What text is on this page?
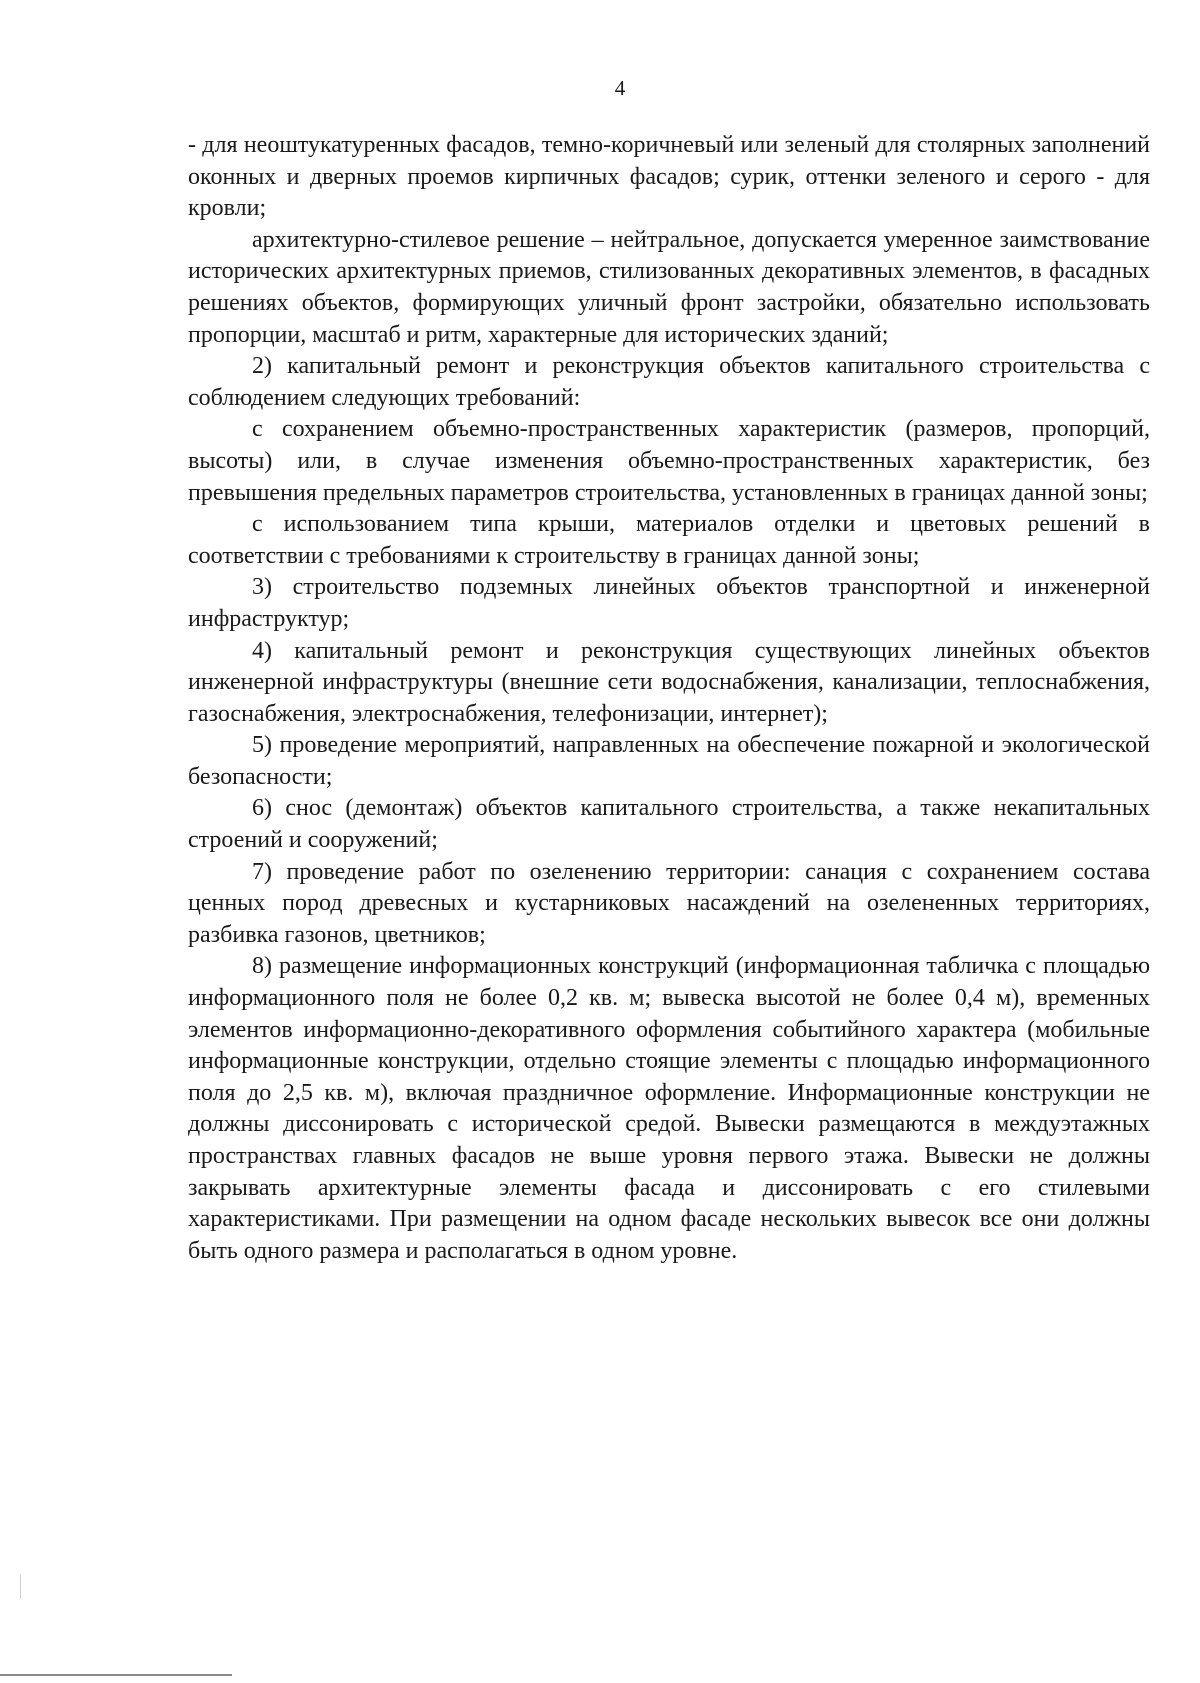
4

- для неоштукатуренных фасадов, темно-коричневый или зеленый для столярных заполнений оконных и дверных проемов кирпичных фасадов; сурик, оттенки зеленого и серого - для кровли;

архитектурно-стилевое решение – нейтральное, допускается умеренное заимствование исторических архитектурных приемов, стилизованных декоративных элементов, в фасадных решениях объектов, формирующих уличный фронт застройки, обязательно использовать пропорции, масштаб и ритм, характерные для исторических зданий;

2) капитальный ремонт и реконструкция объектов капитального строительства с соблюдением следующих требований:

с сохранением объемно-пространственных характеристик (размеров, пропорций, высоты) или, в случае изменения объемно-пространственных характеристик, без превышения предельных параметров строительства, установленных в границах данной зоны;

с использованием типа крыши, материалов отделки и цветовых решений в соответствии с требованиями к строительству в границах данной зоны;

3) строительство подземных линейных объектов транспортной и инженерной инфраструктур;

4) капитальный ремонт и реконструкция существующих линейных объектов инженерной инфраструктуры (внешние сети водоснабжения, канализации, теплоснабжения, газоснабжения, электроснабжения, телефонизации, интернет);

5) проведение мероприятий, направленных на обеспечение пожарной и экологической безопасности;

6) снос (демонтаж) объектов капитального строительства, а также некапитальных строений и сооружений;

7) проведение работ по озеленению территории: санация с сохранением состава ценных пород древесных и кустарниковых насаждений на озелененных территориях, разбивка газонов, цветников;

8) размещение информационных конструкций (информационная табличка с площадью информационного поля не более 0,2 кв. м; вывеска высотой не более 0,4 м), временных элементов информационно-декоративного оформления событийного характера (мобильные информационные конструкции, отдельно стоящие элементы с площадью информационного поля до 2,5 кв. м), включая праздничное оформление. Информационные конструкции не должны диссонировать с исторической средой. Вывески размещаются в междуэтажных пространствах главных фасадов не выше уровня первого этажа. Вывески не должны закрывать архитектурные элементы фасада и диссонировать с его стилевыми характеристиками. При размещении на одном фасаде нескольких вывесок все они должны быть одного размера и располагаться в одном уровне.
